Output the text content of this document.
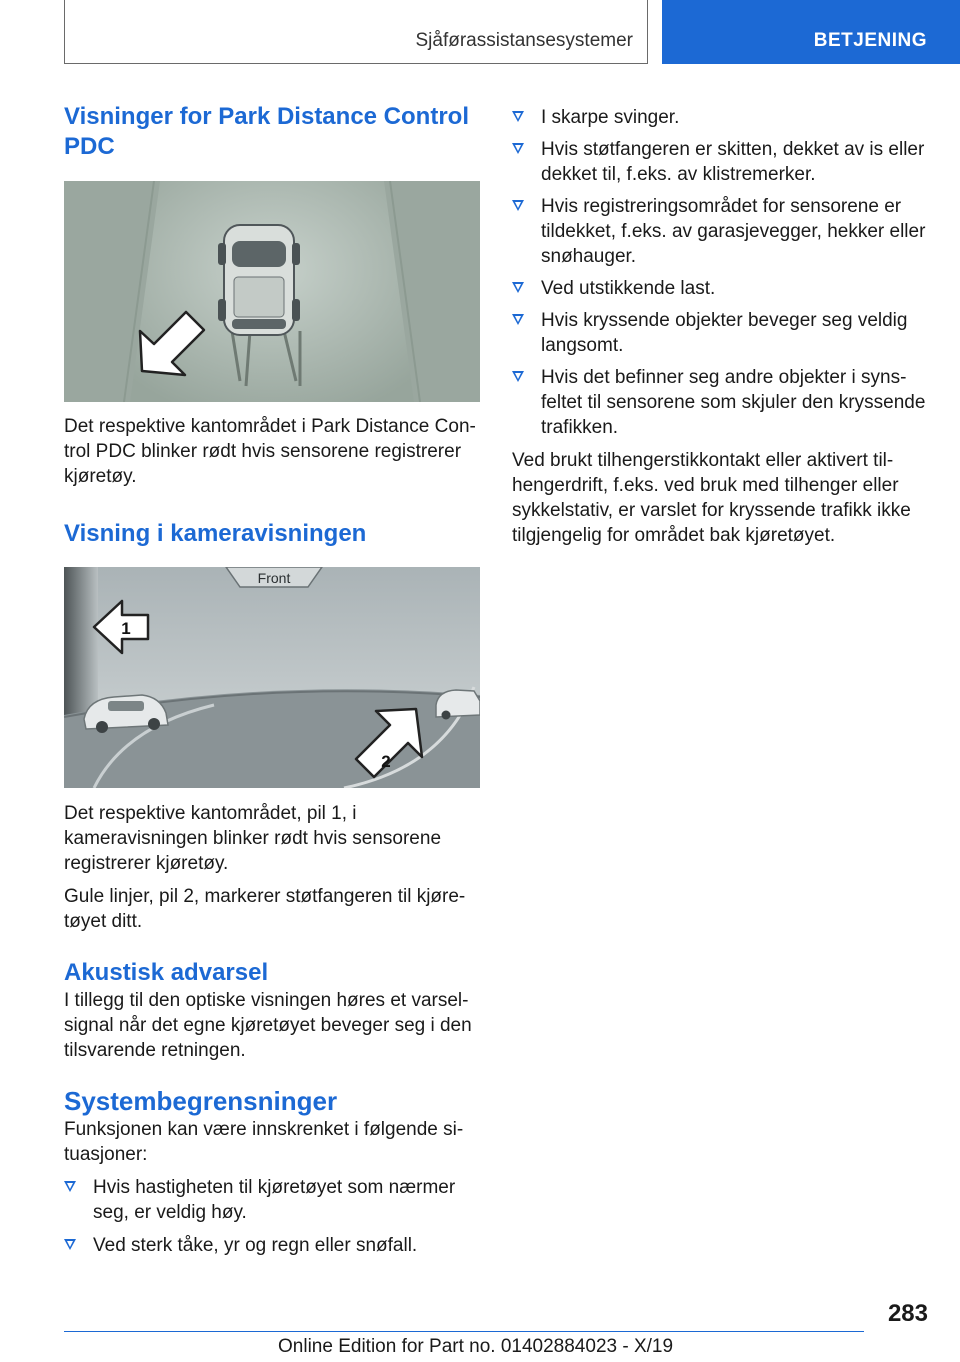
Sjåførassistansesystemer	BETJENING
Visninger for Park Distance Control PDC

Det respektive kantområdet i Park Distance Control PDC blinker rødt hvis sensorene registrerer kjøretøy.

Visning i kameravisningen
Front
1
2

Det respektive kantområdet, pil 1, i kameravisningen blinker rødt hvis sensorene registrerer kjøretøy.

Gule linjer, pil 2, markerer støtfangeren til kjøretøyet ditt.

Akustisk advarsel

I tillegg til den optiske visningen høres et varselsignal når det egne kjøretøyet beveger seg i den tilsvarende retningen.

Systembegrensninger

Funksjonen kan være innskrenket i følgende situasjoner:

Hvis hastigheten til kjøretøyet som nærmer seg, er veldig høy.
Ved sterk tåke, yr og regn eller snøfall.
I skarpe svinger.
Hvis støtfangeren er skitten, dekket av is eller dekket til, f.eks. av klistremerker.
Hvis registreringsområdet for sensorene er tildekket, f.eks. av garasjevegger, hekker eller snøhauger.
Ved utstikkende last.
Hvis kryssende objekter beveger seg veldig langsomt.
Hvis det befinner seg andre objekter i synsfeltet til sensorene som skjuler den kryssende trafikken.

Ved brukt tilhengerstikkontakt eller aktivert tilhengerdrift, f.eks. ved bruk med tilhenger eller sykkelstativ, er varslet for kryssende trafikk ikke tilgjengelig for området bak kjøretøyet.

283
Online Edition for Part no. 01402884023 - X/19
